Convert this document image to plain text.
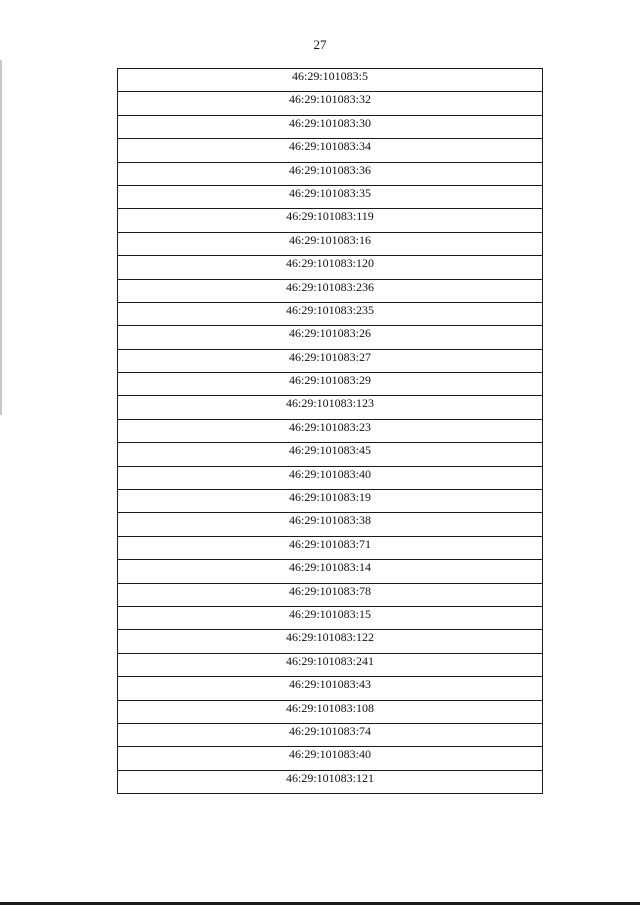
27
46:29:101083:5
46:29:101083:32
46:29:101083:30
46:29:101083:34
46:29:101083:36
46:29:101083:35
46:29:101083:119
46:29:101083:16
46:29:101083:120
46:29:101083:236
46:29:101083:235
46:29:101083:26
46:29:101083:27
46:29:101083:29
46:29:101083:123
46:29:101083:23
46:29:101083:45
46:29:101083:40
46:29:101083:19
46:29:101083:38
46:29:101083:71
46:29:101083:14
46:29:101083:78
46:29:101083:15
46:29:101083:122
46:29:101083:241
46:29:101083:43
46:29:101083:108
46:29:101083:74
46:29:101083:40
46:29:101083:121
